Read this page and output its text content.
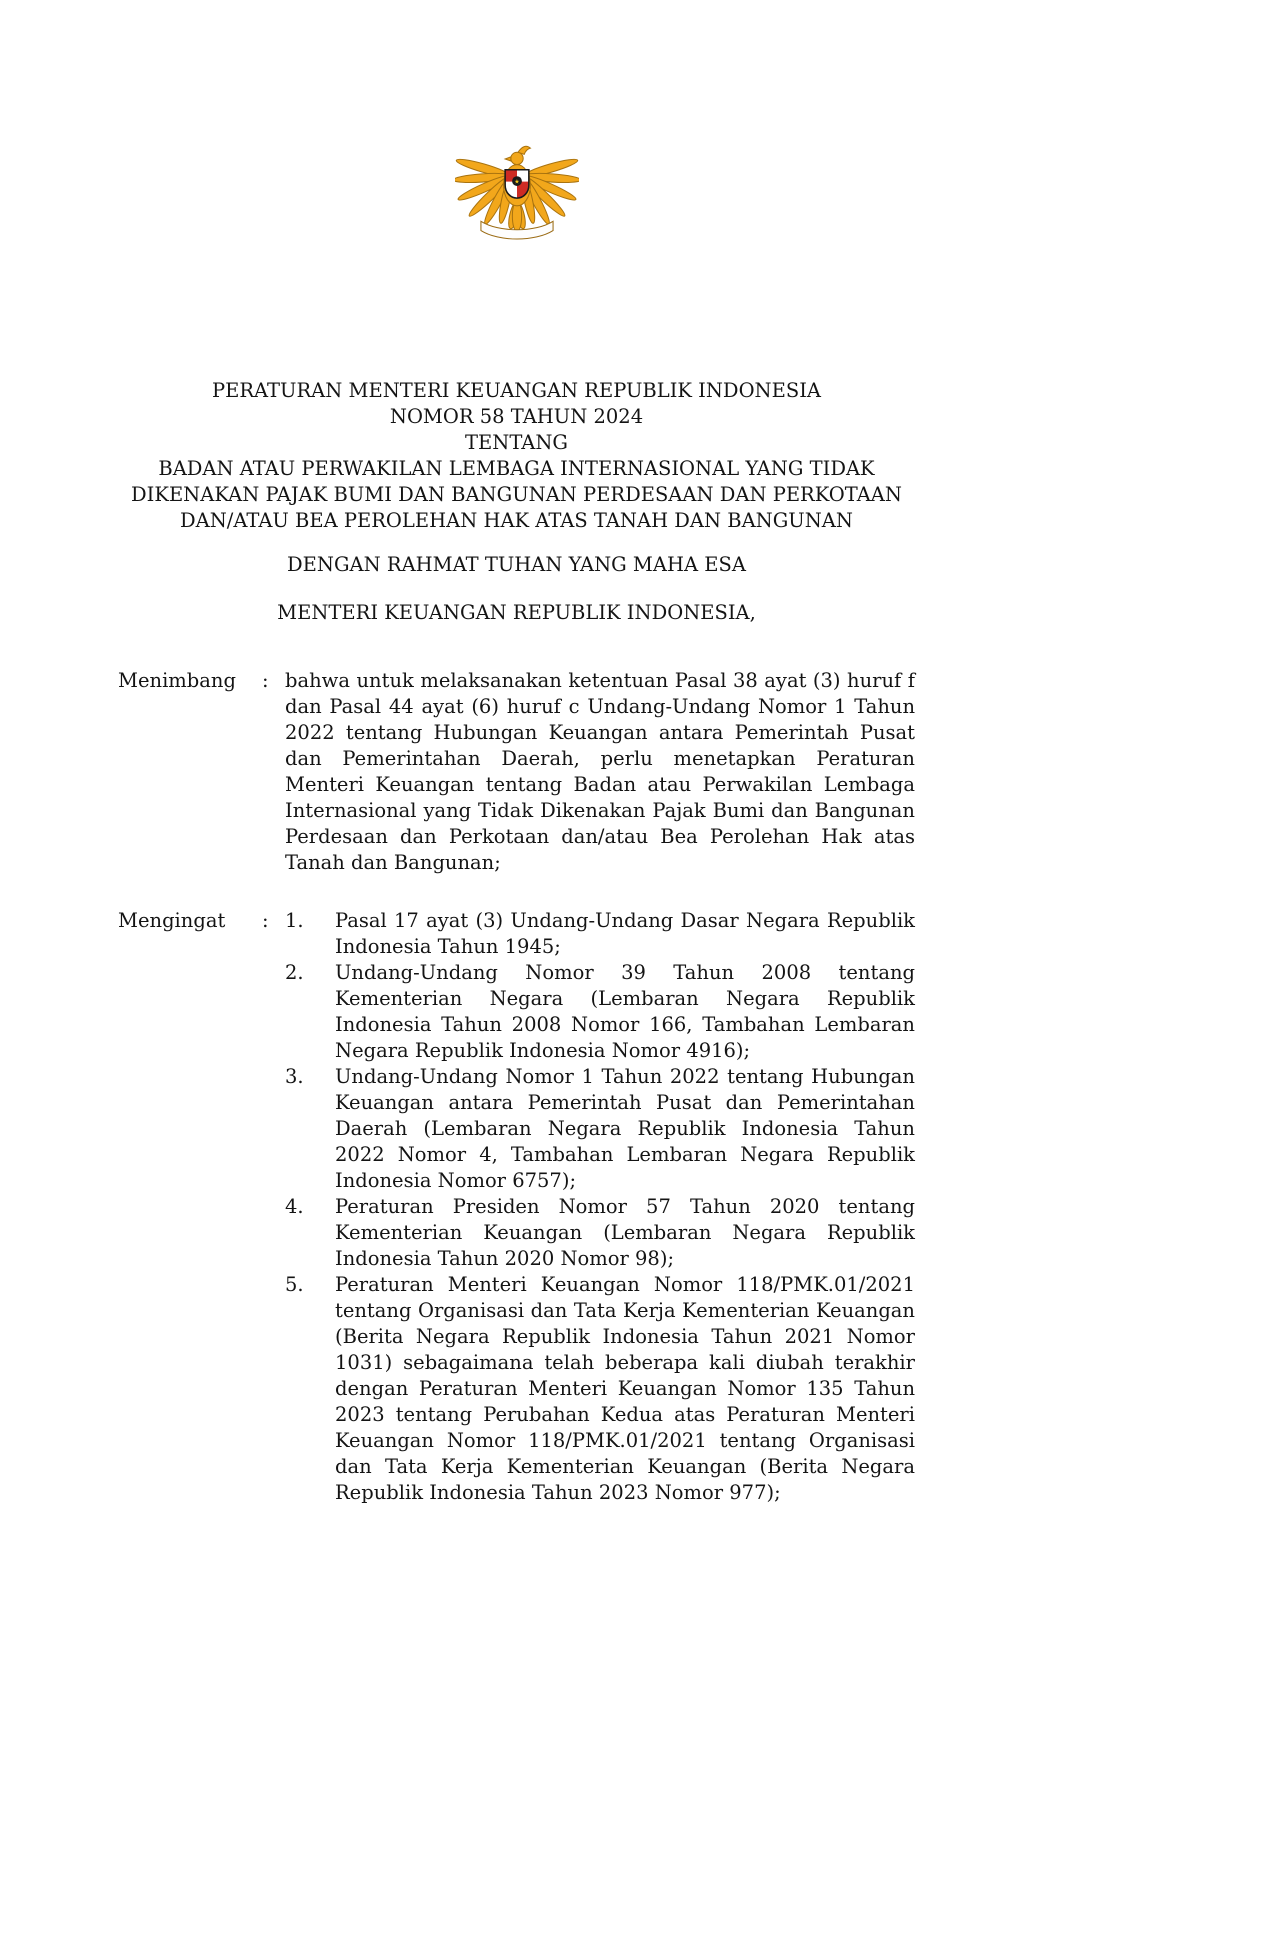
★
PERATURAN MENTERI KEUANGAN REPUBLIK INDONESIA
NOMOR 58 TAHUN 2024
TENTANG
BADAN ATAU PERWAKILAN LEMBAGA INTERNASIONAL YANG TIDAK
DIKENAKAN PAJAK BUMI DAN BANGUNAN PERDESAAN DAN PERKOTAAN
DAN/ATAU BEA PEROLEHAN HAK ATAS TANAH DAN BANGUNAN
DENGAN RAHMAT TUHAN YANG MAHA ESA
MENTERI KEUANGAN REPUBLIK INDONESIA,
Menimbang	: bahwa untuk melaksanakan ketentuan Pasal 38 ayat (3) huruf f dan Pasal 44 ayat (6) huruf c Undang-Undang Nomor 1 Tahun 2022 tentang Hubungan Keuangan antara Pemerintah Pusat dan Pemerintahan Daerah, perlu menetapkan Peraturan Menteri Keuangan tentang Badan atau Perwakilan Lembaga Internasional yang Tidak Dikenakan Pajak Bumi dan Bangunan Perdesaan dan Perkotaan dan/atau Bea Perolehan Hak atas Tanah dan Bangunan;
Mengingat	: 1.	Pasal 17 ayat (3) Undang-Undang Dasar Negara Republik Indonesia Tahun 1945;
2.	Undang-Undang Nomor 39 Tahun 2008 tentang Kementerian Negara (Lembaran Negara Republik Indonesia Tahun 2008 Nomor 166, Tambahan Lembaran Negara Republik Indonesia Nomor 4916);
3.	Undang-Undang Nomor 1 Tahun 2022 tentang Hubungan Keuangan antara Pemerintah Pusat dan Pemerintahan Daerah (Lembaran Negara Republik Indonesia Tahun 2022 Nomor 4, Tambahan Lembaran Negara Republik Indonesia Nomor 6757);
4.	Peraturan Presiden Nomor 57 Tahun 2020 tentang Kementerian Keuangan (Lembaran Negara Republik Indonesia Tahun 2020 Nomor 98);
5.	Peraturan Menteri Keuangan Nomor 118/PMK.01/2021 tentang Organisasi dan Tata Kerja Kementerian Keuangan (Berita Negara Republik Indonesia Tahun 2021 Nomor 1031) sebagaimana telah beberapa kali diubah terakhir dengan Peraturan Menteri Keuangan Nomor 135 Tahun 2023 tentang Perubahan Kedua atas Peraturan Menteri Keuangan Nomor 118/PMK.01/2021 tentang Organisasi dan Tata Kerja Kementerian Keuangan (Berita Negara Republik Indonesia Tahun 2023 Nomor 977);
